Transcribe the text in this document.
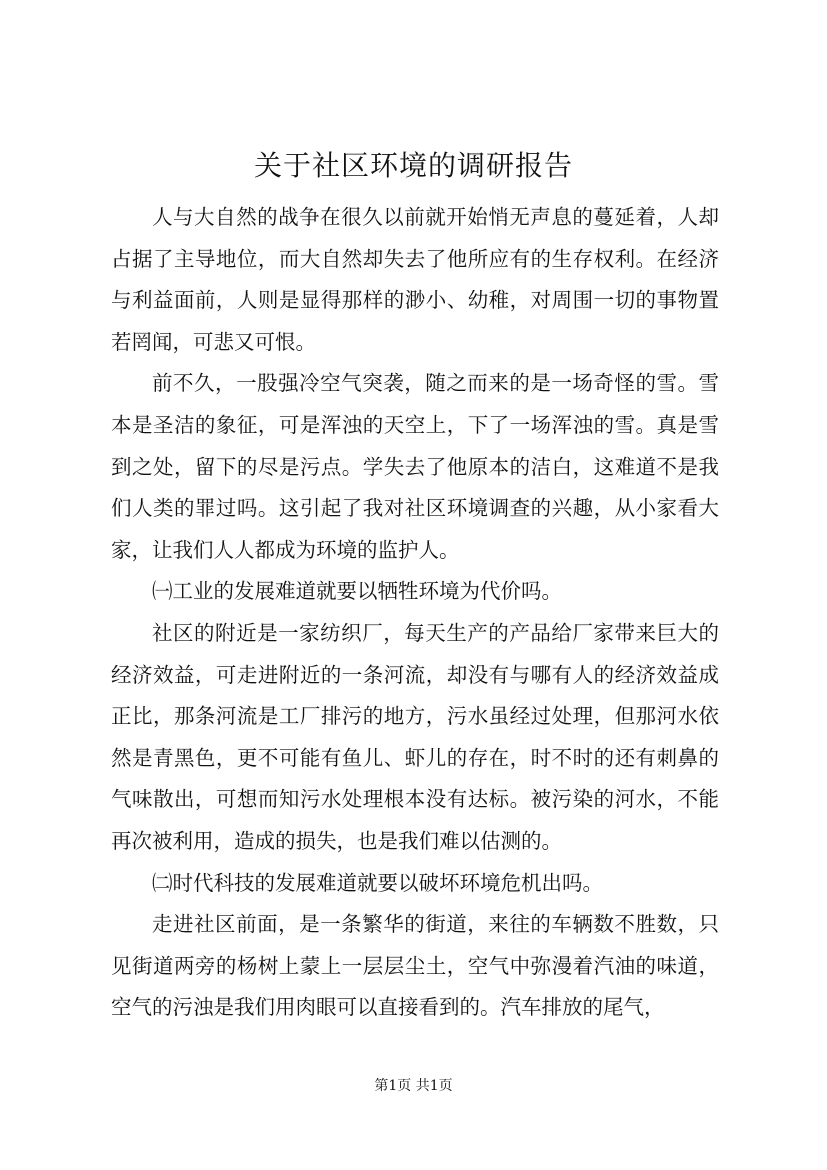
关于社区环境的调研报告

人与大自然的战争在很久以前就开始悄无声息的蔓延着，人却占据了主导地位，而大自然却失去了他所应有的生存权利。在经济与利益面前，人则是显得那样的渺小、幼稚，对周围一切的事物置若罔闻，可悲又可恨。

前不久，一股强冷空气突袭，随之而来的是一场奇怪的雪。雪本是圣洁的象征，可是浑浊的天空上，下了一场浑浊的雪。真是雪到之处，留下的尽是污点。学失去了他原本的洁白，这难道不是我们人类的罪过吗。这引起了我对社区环境调查的兴趣，从小家看大家，让我们人人都成为环境的监护人。

㈠工业的发展难道就要以牺牲环境为代价吗。

社区的附近是一家纺织厂，每天生产的产品给厂家带来巨大的经济效益，可走进附近的一条河流，却没有与哪有人的经济效益成正比，那条河流是工厂排污的地方，污水虽经过处理，但那河水依然是青黑色，更不可能有鱼儿、虾儿的存在，时不时的还有刺鼻的气味散出，可想而知污水处理根本没有达标。被污染的河水，不能再次被利用，造成的损失，也是我们难以估测的。

㈡时代科技的发展难道就要以破坏环境危机出吗。

走进社区前面，是一条繁华的街道，来往的车辆数不胜数，只见街道两旁的杨树上蒙上一层层尘土，空气中弥漫着汽油的味道，空气的污浊是我们用肉眼可以直接看到的。汽车排放的尾气，

第1页 共1页
